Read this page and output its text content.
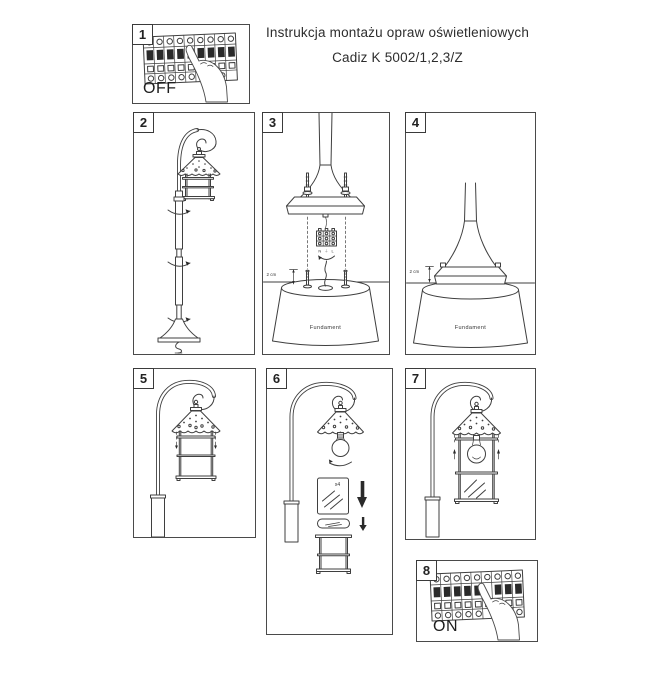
Instrukcja montażu opraw oświetleniowych
Cadiz K 5002/1,2,3/Z
1
OFF
2	3
Fundament
2 cm
N ⏚ L
4
Fundament
2 cm
5	6
x4
7
8
ON
